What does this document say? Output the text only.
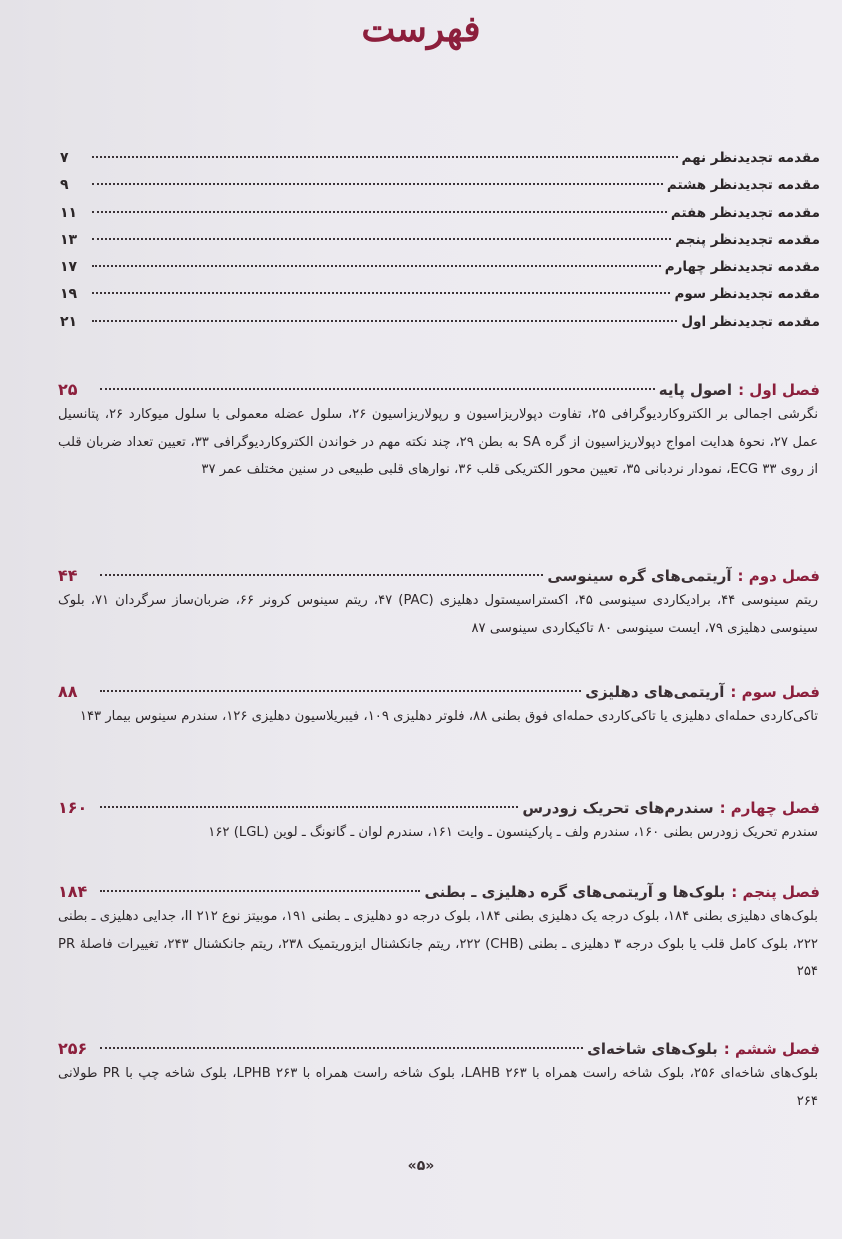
فهرست
مقدمه تجدیدنظر نهم
۷
مقدمه تجدیدنظر هشتم
۹
مقدمه تجدیدنظر هفتم
۱۱
مقدمه تجدیدنظر پنجم
۱۳
مقدمه تجدیدنظر چهارم
۱۷
مقدمه تجدیدنظر سوم
۱۹
مقدمه تجدیدنظر اول
۲۱
فصل اول :
اصول پایه
۲۵
نگرشی اجمالی بر الکتروکاردیوگرافی ۲۵، تفاوت دپولاریزاسیون و رپولاریزاسیون ۲۶، سلول عضله معمولی با سلول میوکارد ۲۶، پتانسیل عمل ۲۷، نحوهٔ هدایت امواج دپولاریزاسیون از گره SA به بطن ۲۹، چند نکته مهم در خواندن الکتروکاردیوگرافی ۳۳، تعیین تعداد ضربان قلب از روی ECG ۳۳، نمودار نردبانی ۳۵، تعیین محور الکتریکی قلب ۳۶، نوارهای قلبی طبیعی در سنین مختلف عمر ۳۷
فصل دوم :
آریتمی‌های گره سینوسی
۴۴
ریتم سینوسی ۴۴، برادیکاردی سینوسی ۴۵، اکستراسیستول دهلیزی (PAC) ۴۷، ریتم سینوس کرونر ۶۶، ضربان‌ساز سرگردان ۷۱، بلوک سینوسی دهلیزی ۷۹، ایست سینوسی ۸۰ تاکیکاردی سینوسی ۸۷
فصل سوم :
آریتمی‌های دهلیزی
۸۸
تاکی‌کاردی حمله‌ای دهلیزی یا تاکی‌کاردی حمله‌ای فوق بطنی ۸۸، فلوتر دهلیزی ۱۰۹، فیبریلاسیون دهلیزی ۱۲۶، سندرم سینوس بیمار ۱۴۳
فصل چهارم :
سندرم‌های تحریک زودرس
۱۶۰
سندرم تحریک زودرس بطنی ۱۶۰، سندرم ولف ـ پارکینسون ـ وایت ۱۶۱، سندرم لوان ـ گانونگ ـ لوین (LGL) ۱۶۲
فصل پنجم :
بلوک‌ها و آریتمی‌های گره دهلیزی ـ بطنی
۱۸۴
بلوک‌های دهلیزی بطنی ۱۸۴، بلوک درجه یک دهلیزی بطنی ۱۸۴، بلوک درجه دو دهلیزی ـ بطنی ۱۹۱، موبیتز نوع II ۲۱۲، جدایی دهلیزی ـ بطنی ۲۲۲، بلوک کامل قلب یا بلوک درجه ۳ دهلیزی ـ بطنی (CHB) ۲۲۲، ریتم جانکشنال ایزوریتمیک ۲۳۸، ریتم جانکشنال ۲۴۳، تغییرات فاصلهٔ PR ۲۵۴
فصل ششم :
بلوک‌های شاخه‌ای
۲۵۶
بلوک‌های شاخه‌ای ۲۵۶، بلوک شاخه راست همراه با LAHB ۲۶۳، بلوک شاخه راست همراه با LPHB ۲۶۳، بلوک شاخه چپ با PR طولانی ۲۶۴
«۵»
